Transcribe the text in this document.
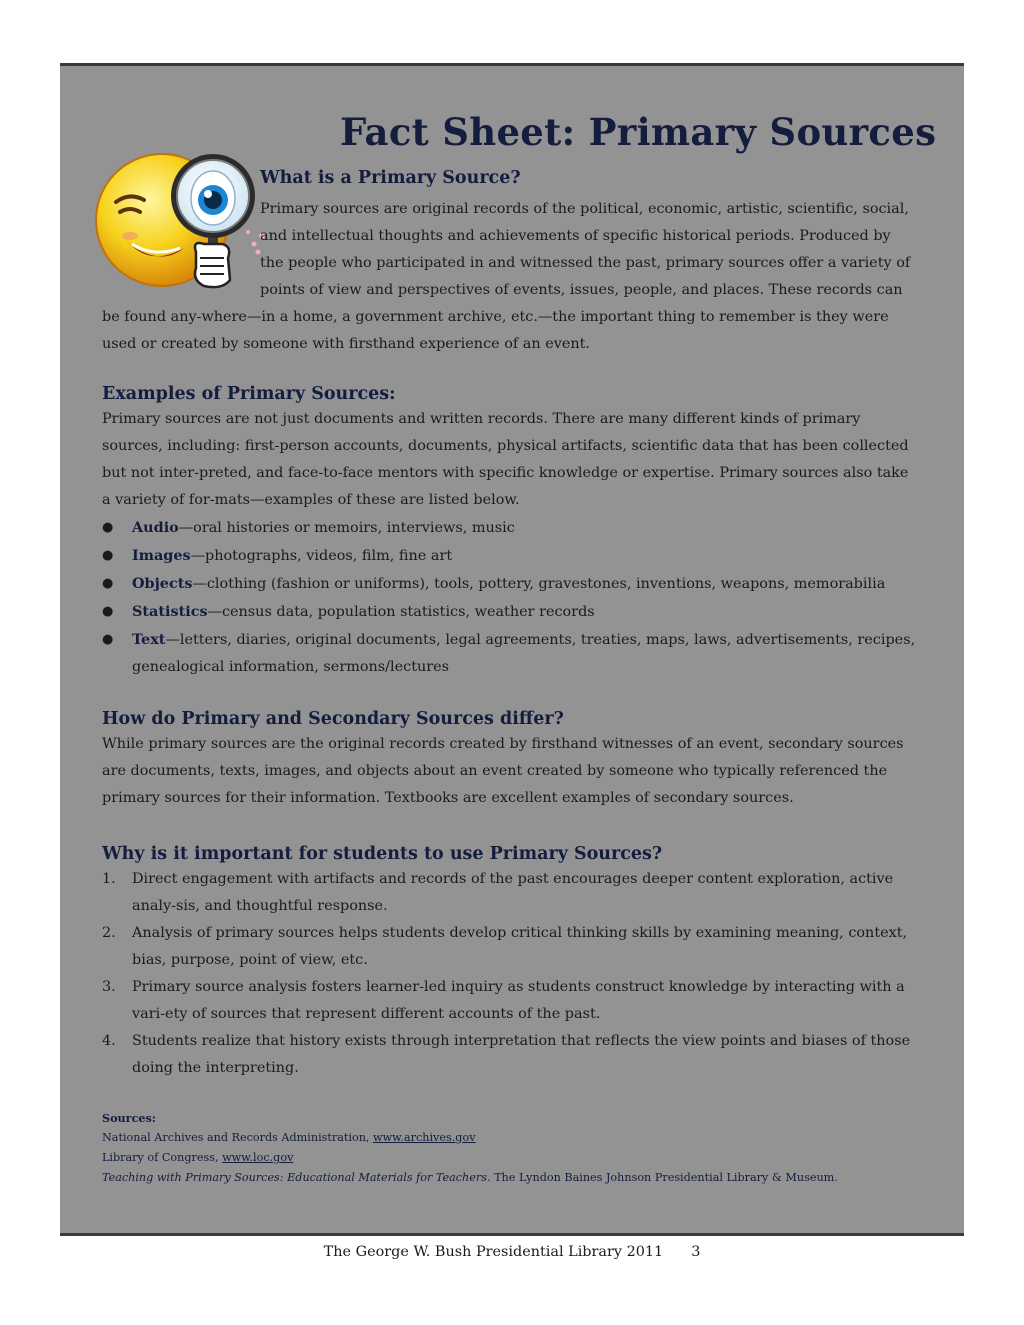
Fact Sheet: Primary Sources
What is a Primary Source?

Primary sources are original records of the political, economic, artistic, scientific, social, and intellectual thoughts and achievements of specific historical periods. Produced by the people who participated in and witnessed the past, primary sources offer a variety of points of view and perspectives of events, issues, people, and places. These records can be found any-where—in a home, a government archive, etc.—the important thing to remember is they were used or created by someone with firsthand experience of an event.

Examples of Primary Sources:

Primary sources are not just documents and written records. There are many different kinds of primary sources, including: first-person accounts, documents, physical artifacts, scientific data that has been collected but not inter-preted, and face-to-face mentors with specific knowledge or expertise. Primary sources also take a variety of for-mats—examples of these are listed below.

●	Audio—oral histories or memoirs, interviews, music
●	Images—photographs, videos, film, fine art
●	Objects—clothing (fashion or uniforms), tools, pottery, gravestones, inventions, weapons, memorabilia
●	Statistics—census data, population statistics, weather records
●	Text—letters, diaries, original documents, legal agreements, treaties, maps, laws, advertisements, recipes, genealogical information, sermons/lectures
How do Primary and Secondary Sources differ?

While primary sources are the original records created by firsthand witnesses of an event, secondary sources are documents, texts, images, and objects about an event created by someone who typically referenced the primary sources for their information. Textbooks are excellent examples of secondary sources.

Why is it important for students to use Primary Sources?
1.	Direct engagement with artifacts and records of the past encourages deeper content exploration, active analy-sis, and thoughtful response.
2.	Analysis of primary sources helps students develop critical thinking skills by examining meaning, context, bias, purpose, point of view, etc.
3.	Primary source analysis fosters learner-led inquiry as students construct knowledge by interacting with a vari-ety of sources that represent different accounts of the past.
4.	Students realize that history exists through interpretation that reflects the view points and biases of those doing the interpreting.
Sources:
National Archives and Records Administration, www.archives.gov
Library of Congress, www.loc.gov
Teaching with Primary Sources: Educational Materials for Teachers. The Lyndon Baines Johnson Presidential Library & Museum.
The George W. Bush Presidential Library 2011 3
